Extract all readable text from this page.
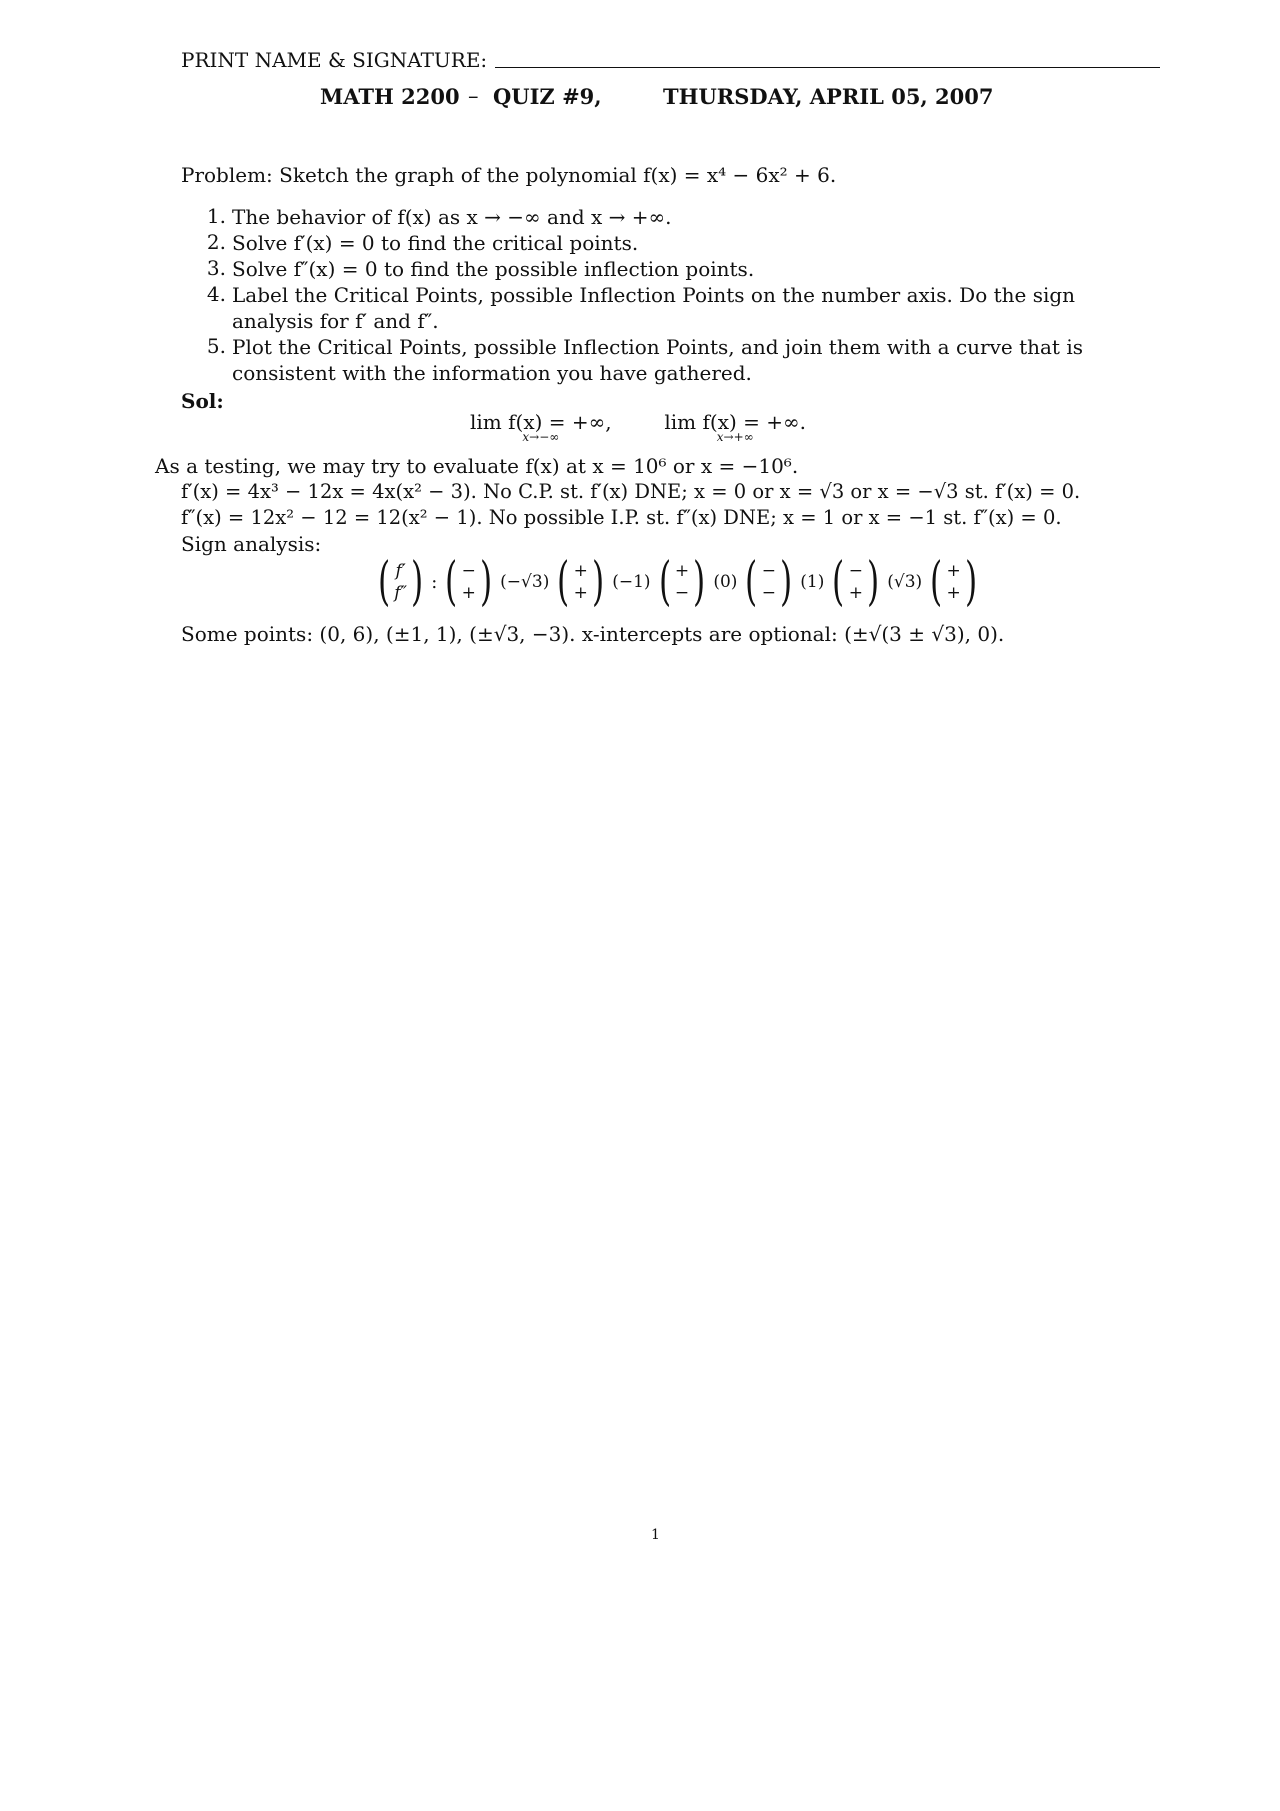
PRINT NAME & SIGNATURE:
MATH 2200 – QUIZ #9,	THURSDAY, APRIL 05, 2007
Problem: Sketch the graph of the polynomial f(x) = x⁴ − 6x² + 6.
1. The behavior of f(x) as x → −∞ and x → +∞.
2. Solve f′(x) = 0 to find the critical points.
3. Solve f″(x) = 0 to find the possible inflection points.
4. Label the Critical Points, possible Inflection Points on the number axis. Do the sign analysis for f′ and f″.
5. Plot the Critical Points, possible Inflection Points, and join them with a curve that is consistent with the information you have gathered.
Sol:
lim f(x) = +∞,
x→−∞
lim f(x) = +∞.
x→+∞
As a testing, we may try to evaluate f(x) at x = 10⁶ or x = −10⁶.
f′(x) = 4x³ − 12x = 4x(x² − 3). No C.P. st. f′(x) DNE; x = 0 or x = √3 or x = −√3 st. f′(x) = 0.
f″(x) = 12x² − 12 = 12(x² − 1). No possible I.P. st. f″(x) DNE; x = 1 or x = −1 st. f″(x) = 0.
Sign analysis:
( f′
f″ ) : ( −
+ ) (−√3) ( +
+ ) (−1) ( +
− ) (0) ( −
− ) (1) ( −
+ ) (√3) ( +
+ )
Some points: (0, 6), (±1, 1), (±√3, −3). x-intercepts are optional: (±√(3 ± √3), 0).
1
